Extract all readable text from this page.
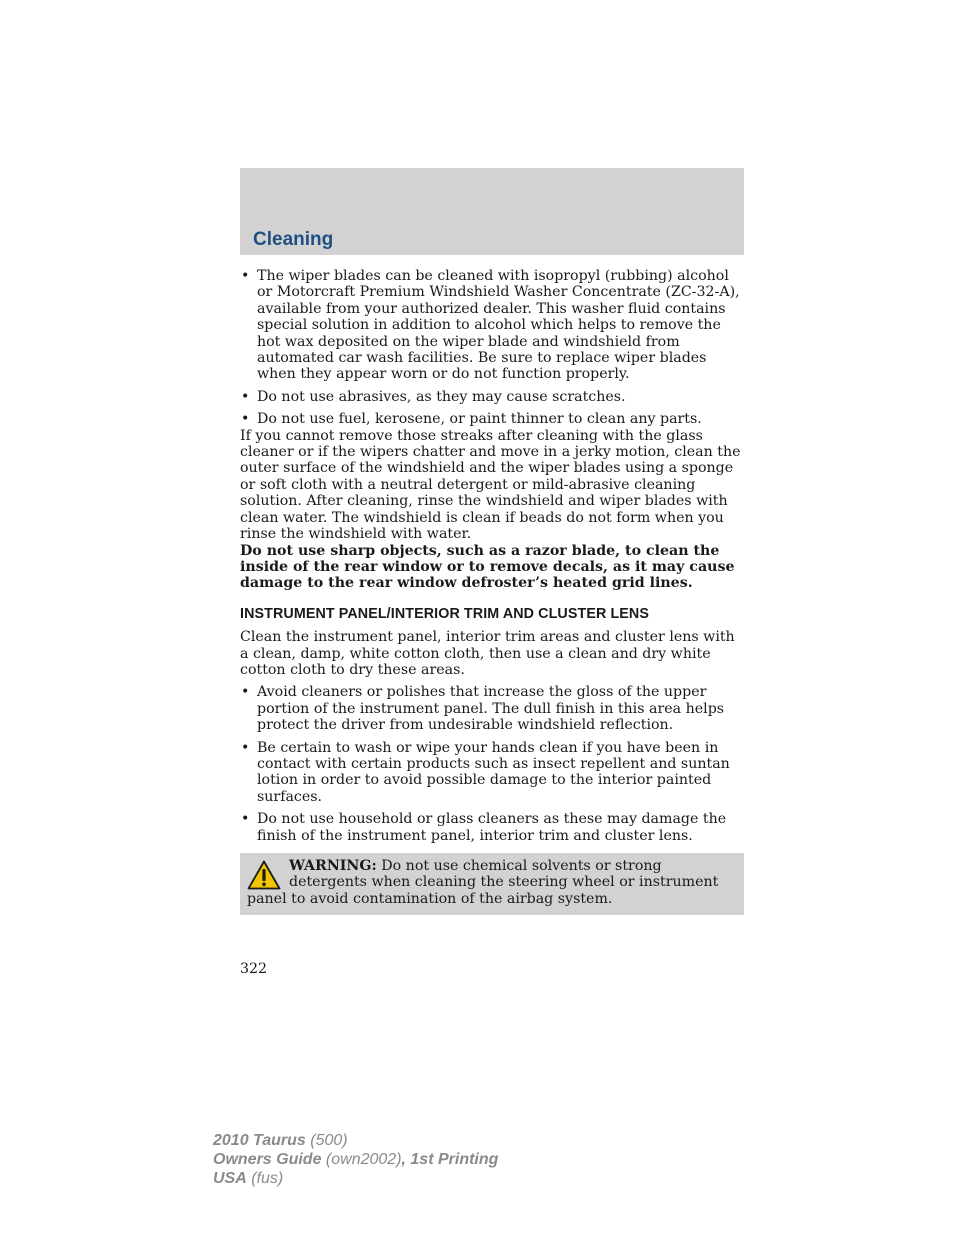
Cleaning
• The wiper blades can be cleaned with isopropyl (rubbing) alcohol or Motorcraft Premium Windshield Washer Concentrate (ZC-32-A), available from your authorized dealer. This washer fluid contains special solution in addition to alcohol which helps to remove the hot wax deposited on the wiper blade and windshield from automated car wash facilities. Be sure to replace wiper blades when they appear worn or do not function properly.
• Do not use abrasives, as they may cause scratches.
• Do not use fuel, kerosene, or paint thinner to clean any parts.

If you cannot remove those streaks after cleaning with the glass cleaner or if the wipers chatter and move in a jerky motion, clean the outer surface of the windshield and the wiper blades using a sponge or soft cloth with a neutral detergent or mild-abrasive cleaning solution. After cleaning, rinse the windshield and wiper blades with clean water. The windshield is clean if beads do not form when you rinse the windshield with water.

Do not use sharp objects, such as a razor blade, to clean the inside of the rear window or to remove decals, as it may cause damage to the rear window defroster’s heated grid lines.

INSTRUMENT PANEL/INTERIOR TRIM AND CLUSTER LENS

Clean the instrument panel, interior trim areas and cluster lens with a clean, damp, white cotton cloth, then use a clean and dry white cotton cloth to dry these areas.

• Avoid cleaners or polishes that increase the gloss of the upper portion of the instrument panel. The dull finish in this area helps protect the driver from undesirable windshield reflection.
• Be certain to wash or wipe your hands clean if you have been in contact with certain products such as insect repellent and suntan lotion in order to avoid possible damage to the interior painted surfaces.
• Do not use household or glass cleaners as these may damage the finish of the instrument panel, interior trim and cluster lens.
WARNING: Do not use chemical solvents or strong detergents when cleaning the steering wheel or instrument panel to avoid contamination of the airbag system.
322
2010 Taurus (500)
Owners Guide (own2002), 1st Printing
USA (fus)
